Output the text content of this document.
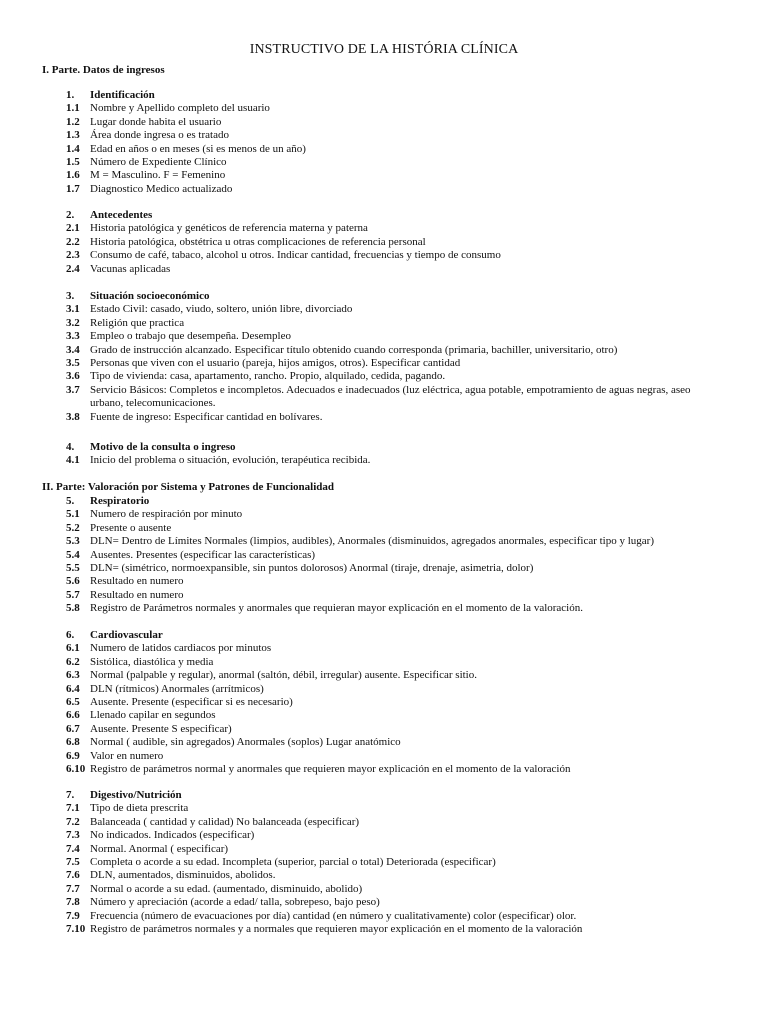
INSTRUCTIVO DE LA HISTÓRIA CLÍNICA
I. Parte. Datos de ingresos
II. Parte: Valoración por Sistema y Patrones de Funcionalidad
1. Identificación
1.1 Nombre y Apellido completo del usuario
1.2 Lugar donde habita el usuario
1.3 Área donde ingresa o es tratado
1.4 Edad en años o en meses (si es menos de un año)
1.5 Número de Expediente Clínico
1.6 M = Masculino. F = Femenino
1.7 Diagnostico Medico actualizado
2. Antecedentes
2.1 Historia patológica y genéticos de referencia materna y paterna
2.2 Historia patológica, obstétrica u otras complicaciones de referencia personal
2.3 Consumo de café, tabaco, alcohol u otros. Indicar cantidad, frecuencias y tiempo de consumo
2.4 Vacunas aplicadas
3. Situación socioeconómico
3.1 Estado Civil: casado, viudo, soltero, unión libre, divorciado
3.2 Religión que practica
3.3 Empleo o trabajo que desempeña. Desempleo
3.4 Grado de instrucción alcanzado. Especificar título obtenido cuando corresponda (primaria, bachiller, universitario, otro)
3.5 Personas que viven con el usuario (pareja, hijos amigos, otros). Especificar cantidad
3.6 Tipo de vivienda: casa, apartamento, rancho. Propio, alquilado, cedida, pagando.
3.7 Servicio Básicos: Completos e incompletos. Adecuados e inadecuados (luz eléctrica, agua potable, empotramiento de aguas negras, aseo urbano, telecomunicaciones.
3.8 Fuente de ingreso: Especificar cantidad en bolívares.
4. Motivo de la consulta o ingreso
4.1 Inicio del problema o situación, evolución, terapéutica recibida.
5. Respiratorio
5.1 Numero de respiración por minuto
5.2 Presente o ausente
5.3 DLN= Dentro de Límites Normales (limpios, audibles), Anormales (disminuidos, agregados anormales, especificar tipo y lugar)
5.4 Ausentes. Presentes (especificar las características)
5.5 DLN= (simétrico, normoexpansible, sin puntos dolorosos) Anormal (tiraje, drenaje, asimetria, dolor)
5.6 Resultado en numero
5.7 Resultado en numero
5.8 Registro de Parámetros normales y anormales que requieran mayor explicación en el momento de la valoración.
6. Cardiovascular
6.1 Numero de latidos cardiacos por minutos
6.2 Sistólica, diastólica y media
6.3 Normal (palpable y regular), anormal (saltón, débil, irregular) ausente. Especificar sitio.
6.4 DLN (rítmicos) Anormales (arrítmicos)
6.5 Ausente. Presente (especificar si es necesario)
6.6 Llenado capilar en segundos
6.7 Ausente. Presente S especificar)
6.8 Normal ( audible, sin agregados) Anormales (soplos) Lugar anatómico
6.9 Valor en numero
6.10 Registro de parámetros normal y anormales que requieren mayor explicación en el momento de la valoración
7. Digestivo/Nutrición
7.1 Tipo de dieta prescrita
7.2 Balanceada ( cantidad y calidad) No balanceada (especificar)
7.3 No indicados. Indicados (especificar)
7.4 Normal. Anormal ( especificar)
7.5 Completa o acorde a su edad. Incompleta (superior, parcial o total) Deteriorada (especificar)
7.6 DLN, aumentados, disminuidos, abolidos.
7.7 Normal o acorde a su edad. (aumentado, disminuido, abolido)
7.8 Número y apreciación (acorde a edad/ talla, sobrepeso, bajo peso)
7.9 Frecuencia (número de evacuaciones por día) cantidad (en número y cualitativamente) color (especificar) olor.
7.10 Registro de parámetros normales y a normales que requieren mayor explicación en el momento de la valoración
